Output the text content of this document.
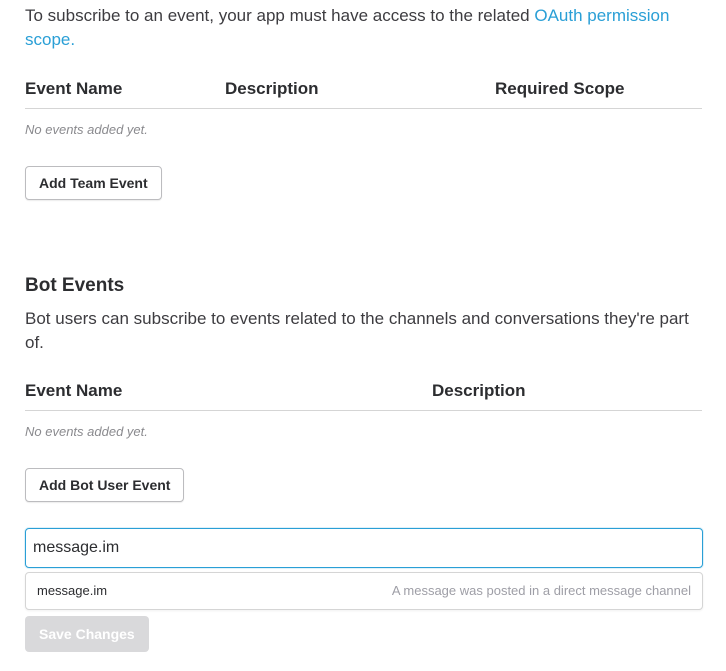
To subscribe to an event, your app must have access to the related OAuth permission scope.
Event Name	Description	Required Scope
No events added yet.
Add Team Event
Bot Events
Bot users can subscribe to events related to the channels and conversations they're part of.
Event Name	Description
No events added yet.
Add Bot User Event
message.im
message.im	A message was posted in a direct message channel
Save Changes
